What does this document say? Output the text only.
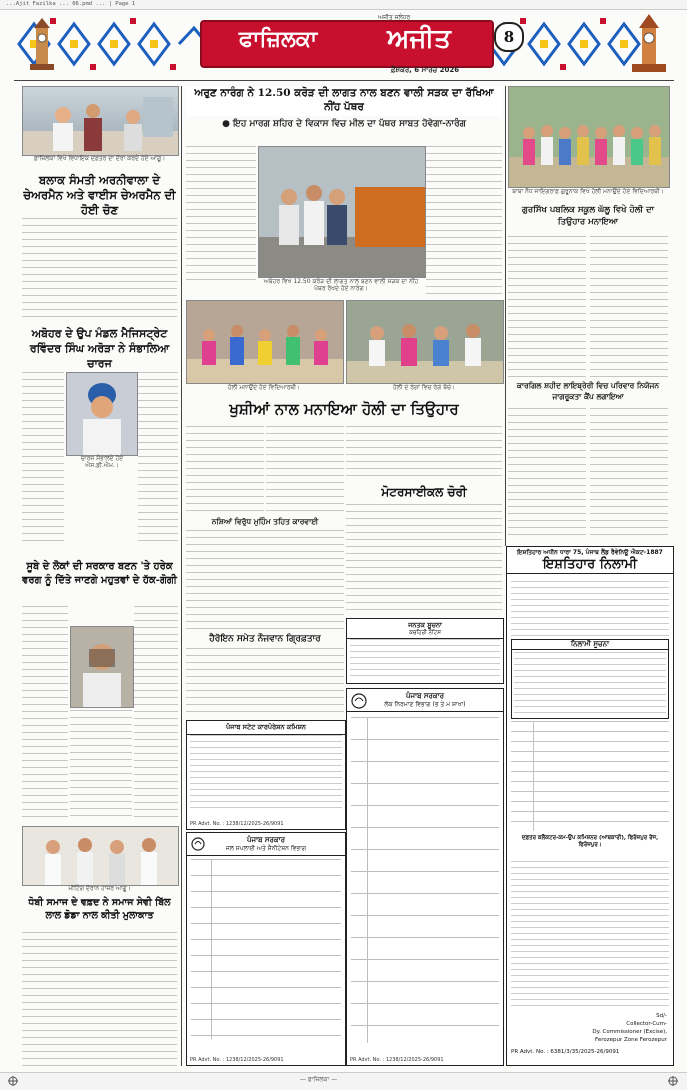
...Ajit Fazilka ... 06.pmd ... | Page 1
ਫਾਜ਼ਿਲਕਾ	ਅਜੀਤ
ਅਜੀਤ ਜਲੰਧਰ
ਫ਼ੈਸ਼ਕਰ, 6 ਮਾਰਚ 2026
8
ਫ਼ਾਜ਼ਿਲਕਾ ਵਿਖੇ ਵਿਧਾਇਕ ਦਫ਼ਤਰ ਦਾ ਦੌਰਾ ਕਰਦੇ ਹੋਏ ਆਗੂ।
ਬਲਾਕ ਸੰਮਤੀ ਅਰਨੀਵਾਲਾ ਦੇ ਚੇਅਰਮੈਨ ਅਤੇ ਵਾਈਸ ਚੇਅਰਮੈਨ ਦੀ ਹੋਈ ਚੋਣ
ਅਬੋਹਰ ਦੇ ਉਪ ਮੰਡਲ ਮੈਜਿਸਟ੍ਰੇਟ ਰਵਿੰਦਰ ਸਿੰਘ ਅਰੋੜਾ ਨੇ ਸੰਭਾਲਿਆ ਚਾਰਜ
ਚਾਰਜ ਸੰਭਾਲਦੇ ਹੋਏ ਐਸ.ਡੀ.ਐਮ.।
ਸੂਬੇ ਦੇ ਲੋਕਾਂ ਦੀ ਸਰਕਾਰ ਬਣਨ 'ਤੇ ਹਰੇਕ ਵਰਗ ਨੂੰ ਦਿੱਤੇ ਜਾਣਗੇ ਮਹੁਤਵਾਂ ਦੇ ਹੱਕ-ਗੋਗੀ
ਮੀਟਿੰਗ ਦੌਰਾਨ ਹਾਜ਼ਰ ਆਗੂ।
ਧੋਬੀ ਸਮਾਜ ਦੇ ਵਫ਼ਦ ਨੇ ਸਮਾਜ ਸੇਵੀ ਬਿੱਲ ਲਾਲ ਡੋਡਾ ਨਾਲ ਕੀਤੀ ਮੁਲਾਕਾਤ
ਅਰੁਣ ਨਾਰੰਗ ਨੇ 12.50 ਕਰੋੜ ਦੀ ਲਾਗਤ ਨਾਲ ਬਣਨ ਵਾਲੀ ਸੜਕ ਦਾ ਰੱਖਿਆ ਨੀਂਹ ਪੱਥਰ
● ਇਹ ਮਾਰਗ ਸ਼ਹਿਰ ਦੇ ਵਿਕਾਸ ਵਿਚ ਮੀਲ ਦਾ ਪੱਥਰ ਸਾਬਤ ਹੋਵੇਗਾ-ਨਾਰੰਗ
ਅਬੋਹਰ ਵਿਖੇ 12.50 ਕਰੋੜ ਦੀ ਲਾਗਤ ਨਾਲ ਬਣਨ ਵਾਲੀ ਸੜਕ ਦਾ ਨੀਂਹ ਪੱਥਰ ਰੱਖਦੇ ਹੋਏ ਨਾਰੰਗ।
ਬਾਬਾ ਨੌਧ ਜਾਇਗਰਾਫ਼ ਗੁਰੂਨਾਕ ਵਿਖੇ ਹੋਲੀ ਮਨਾਉਂਦੇ ਹੋਏ ਵਿਦਿਆਰਥੀ।
ਗੁਰਸਿੱਖ ਪਬਲਿਕ ਸਕੂਲ ਘੱਲੂ ਵਿਖੇ ਹੋਲੀ ਦਾ ਤਿਉਹਾਰ ਮਨਾਇਆ
ਕਾਰਗਿਲ ਸ਼ਹੀਦ ਲਾਇਬ੍ਰੇਰੀ ਵਿਚ ਪਰਿਵਾਰ ਨਿਯੋਜਨ ਜਾਗਰੂਕਤਾ ਕੈਂਪ ਲਗਾਇਆ
ਹੋਲੀ ਮਨਾਉਂਦੇ ਹੋਏ ਵਿਦਿਆਰਥੀ।	ਹੋਲੀ ਦੇ ਰੰਗਾਂ ਵਿਚ ਰੰਗੇ ਬੱਚੇ।
ਖੁਸ਼ੀਆਂ ਨਾਲ ਮਨਾਇਆ ਹੋਲੀ ਦਾ ਤਿਉਹਾਰ
ਨਸ਼ਿਆਂ ਵਿਰੁੱਧ ਮੁਹਿੰਮ ਤਹਿਤ ਕਾਰਵਾਈ
ਹੈਰੋਇਨ ਸਮੇਤ ਨੌਜਵਾਨ ਗ੍ਰਿਫ਼ਤਾਰ
ਮੋਟਰਸਾਈਕਲ ਚੋਰੀ
ਪੰਜਾਬ ਸਟੇਟ ਕਾਰਪੋਰੇਸ਼ਨ ਕਮਿਸ਼ਨ
PR Advt. No. : 1238/12/2025-26/9091
ਪੰਜਾਬ ਸਰਕਾਰ
ਜਲ ਸਪਲਾਈ ਅਤੇ ਸੈਨੀਟੇਸ਼ਨ ਵਿਭਾਗ
PR Advt. No. : 1238/12/2025-26/9091
ਜਨਤਕ ਸੂਚਨਾ
ਕਚਹਿਰੀ ਨੋਟਿਸ
ਪੰਜਾਬ ਸਰਕਾਰ
ਲੋਕ ਨਿਰਮਾਣ ਵਿਭਾਗ (ਭ ਤੇ ਮ ਸ਼ਾਖਾ)
PR Advt. No. : 1238/12/2025-26/9091
ਇਸ਼ਤਿਹਾਰ ਅਧੀਨ ਧਾਰਾ 75, ਪੰਜਾਬ ਲੈਂਡ ਰੈਵੇਨਿਊ ਐਕਟ-1887
ਇਸ਼ਤਿਹਾਰ ਨਿਲਾਮੀ
ਨਿਲਾਮੀ ਸੂਚਨਾ
ਦਫ਼ਤਰ ਕਲੈਕਟਰ-ਕਮ-ਉਪ ਕਮਿਸ਼ਨਰ (ਆਬਕਾਰੀ), ਫਿਰੋਜ਼ਪੁਰ ਰੇਂਜ, ਫਿਰੋਜ਼ਪੁਰ।
Sd/-
Collector-Cum-
Dy. Commissioner (Excise),
Ferozepur Zone Ferozepur
PR Advt. No. : 6381/3/35/2025-26/9091
— ਫਾਜ਼ਿਲਕਾ —
